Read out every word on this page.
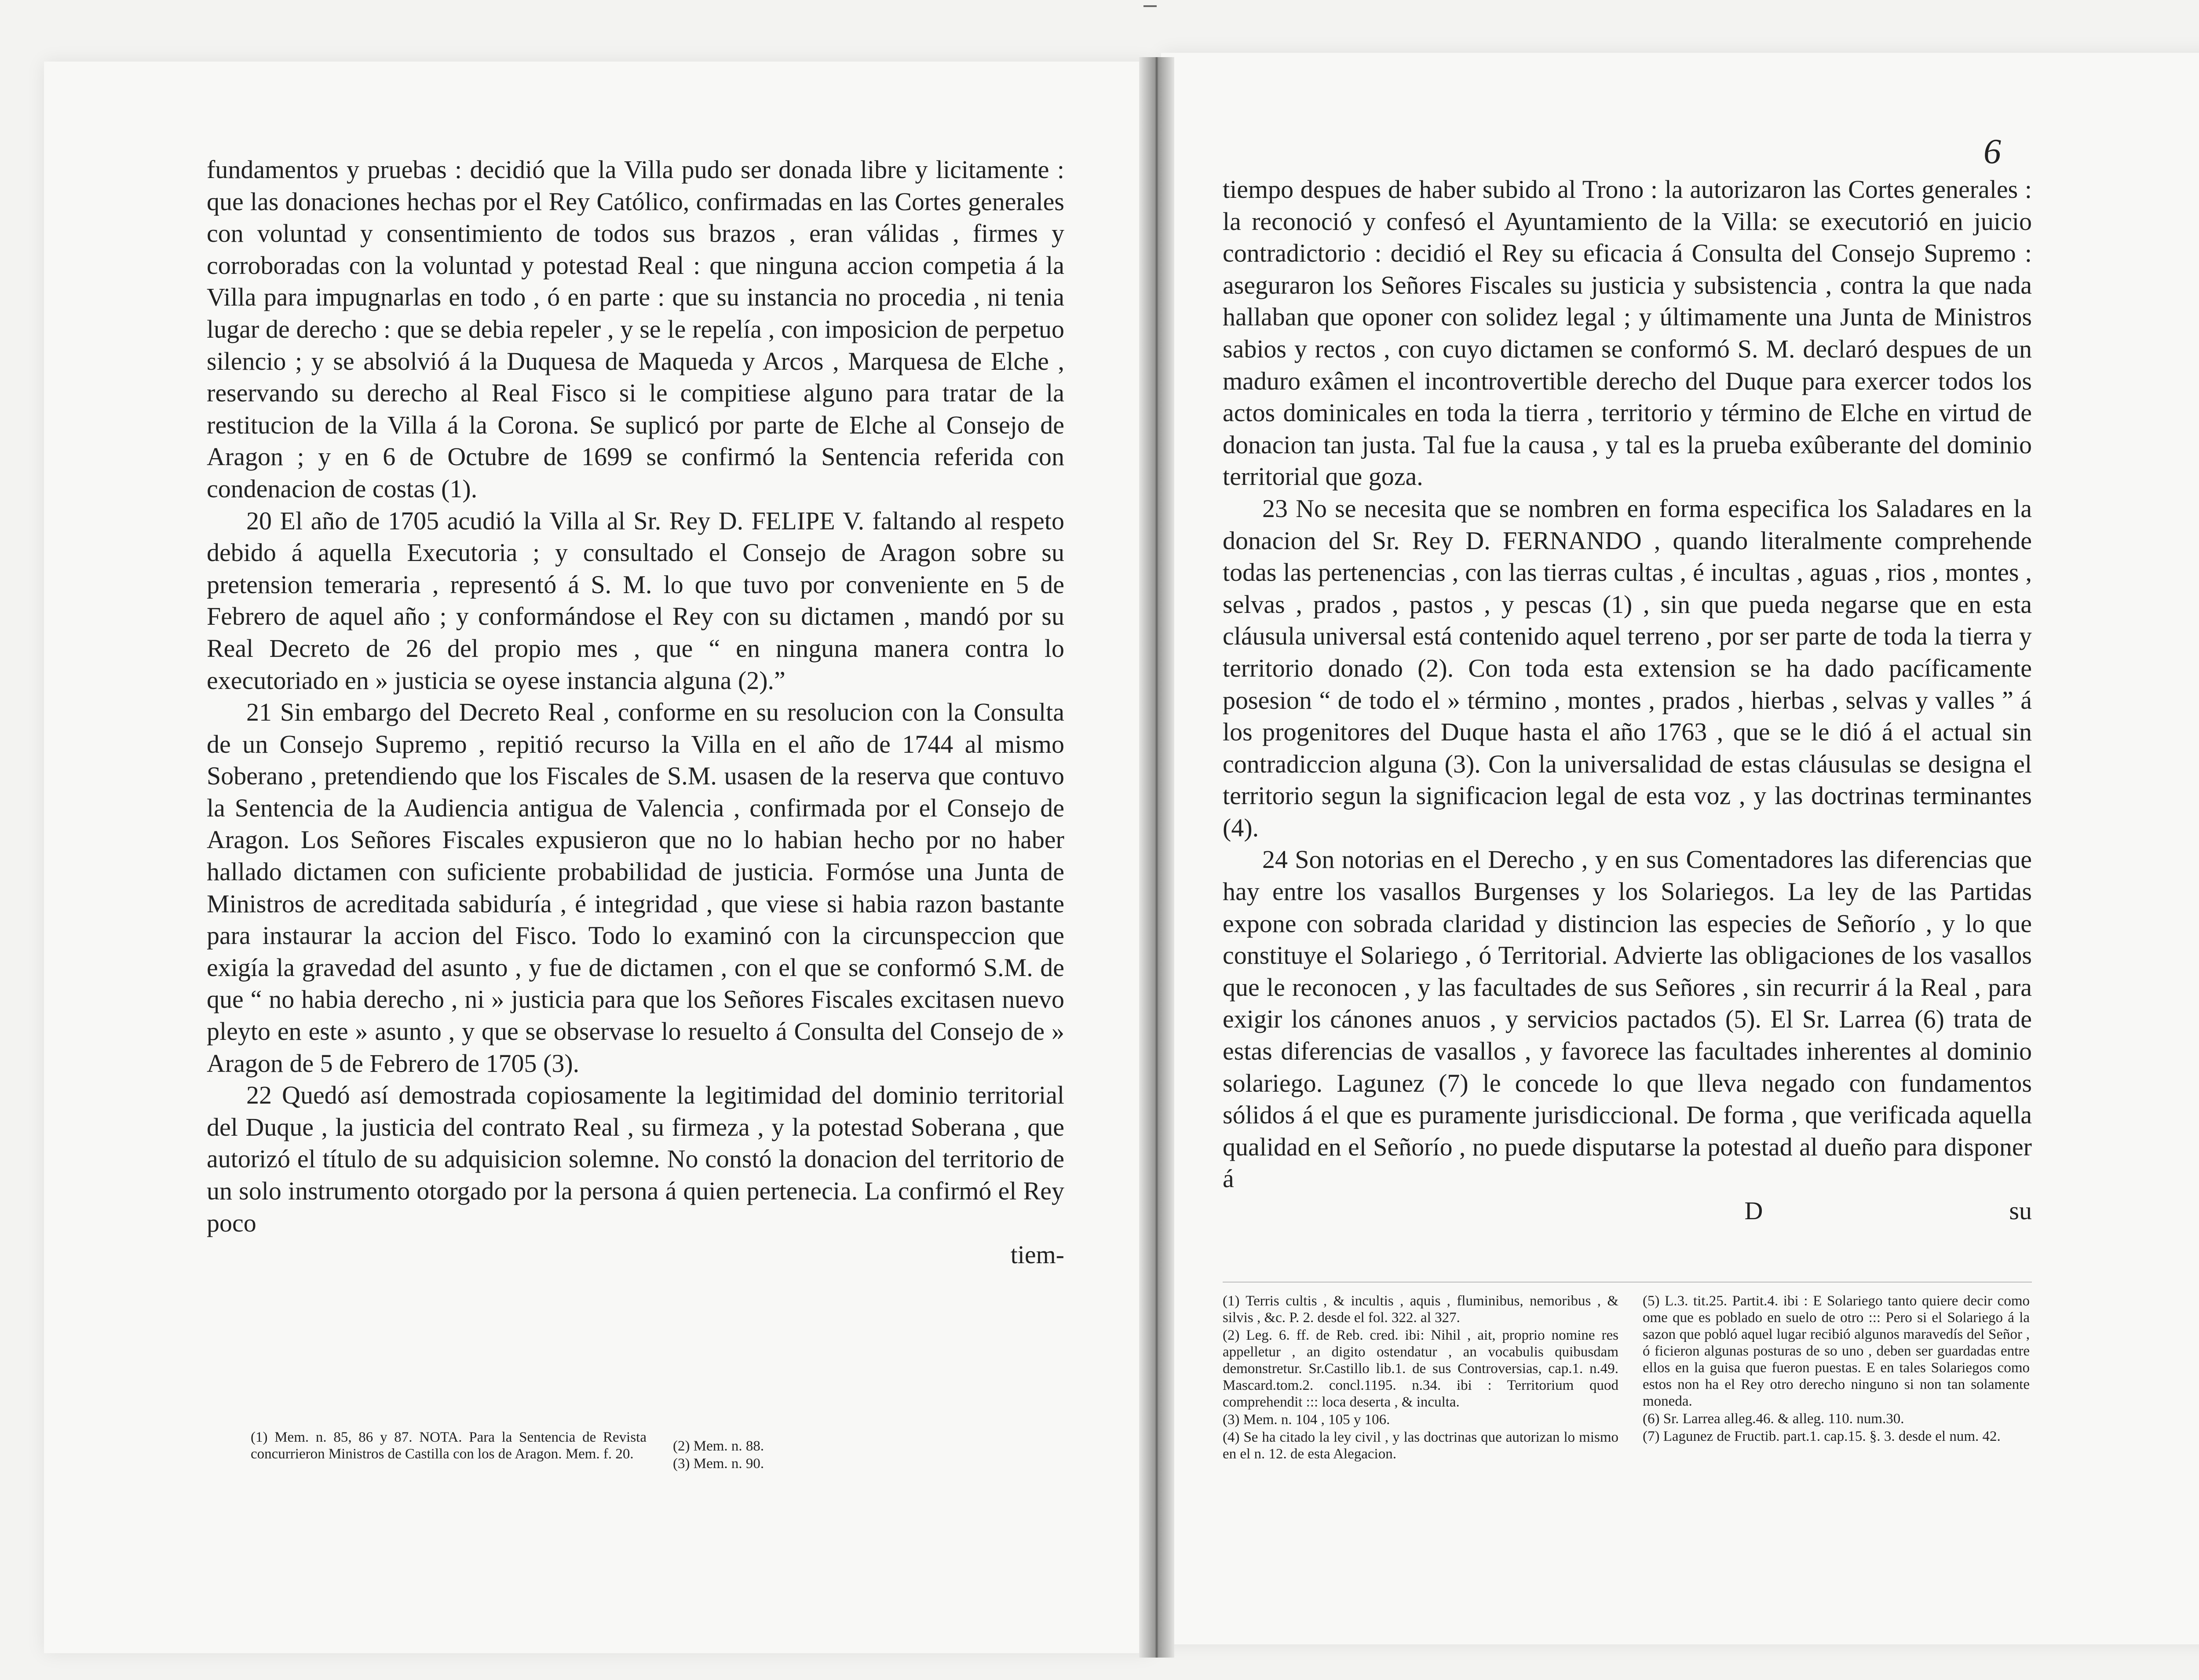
fundamentos y pruebas : decidió que la Villa pudo ser donada libre y licitamente : que las donaciones hechas por el Rey Católico, confirmadas en las Cortes generales con voluntad y consentimiento de todos sus brazos , eran válidas , firmes y corroboradas con la voluntad y potestad Real : que ninguna accion competia á la Villa para impugnarlas en todo , ó en parte : que su instancia no procedia , ni tenia lugar de derecho : que se debia repeler , y se le repelía , con imposicion de perpetuo silencio ; y se absolvió á la Duquesa de Maqueda y Arcos , Marquesa de Elche , reservando su derecho al Real Fisco si le compitiese alguno para tratar de la restitucion de la Villa á la Corona. Se suplicó por parte de Elche al Consejo de Aragon ; y en 6 de Octubre de 1699 se confirmó la Sentencia referida con condenacion de costas (1).

20 El año de 1705 acudió la Villa al Sr. Rey D. FELIPE V. faltando al respeto debido á aquella Executoria ; y consultado el Consejo de Aragon sobre su pretension temeraria , representó á S. M. lo que tuvo por conveniente en 5 de Febrero de aquel año ; y conformándose el Rey con su dictamen , mandó por su Real Decreto de 26 del propio mes , que “ en ninguna manera contra lo executoriado en » justicia se oyese instancia alguna (2).”

21 Sin embargo del Decreto Real , conforme en su resolucion con la Consulta de un Consejo Supremo , repitió recurso la Villa en el año de 1744 al mismo Soberano , pretendiendo que los Fiscales de S.M. usasen de la reserva que contuvo la Sentencia de la Audiencia antigua de Valencia , confirmada por el Consejo de Aragon. Los Señores Fiscales expusieron que no lo habian hecho por no haber hallado dictamen con suficiente probabilidad de justicia. Formóse una Junta de Ministros de acreditada sabiduría , é integridad , que viese si habia razon bastante para instaurar la accion del Fisco. Todo lo examinó con la circunspeccion que exigía la gravedad del asunto , y fue de dictamen , con el que se conformó S.M. de que “ no habia derecho , ni » justicia para que los Señores Fiscales excitasen nuevo pleyto en este » asunto , y que se observase lo resuelto á Consulta del Consejo de » Aragon de 5 de Febrero de 1705 (3).

22 Quedó así demostrada copiosamente la legitimidad del dominio territorial del Duque , la justicia del contrato Real , su firmeza , y la potestad Soberana , que autorizó el título de su adquisicion solemne. No constó la donacion del territorio de un solo instrumento otorgado por la persona á quien pertenecia. La confirmó el Rey poco

tiem-

(1) Mem. n. 85, 86 y 87. NOTA. Para la Sentencia de Revista concurrieron Ministros de Castilla con los de Aragon. Mem. f. 20.	(2) Mem. n. 88.

(3) Mem. n. 90.

6

tiempo despues de haber subido al Trono : la autorizaron las Cortes generales : la reconoció y confesó el Ayuntamiento de la Villa: se executorió en juicio contradictorio : decidió el Rey su eficacia á Consulta del Consejo Supremo : aseguraron los Señores Fiscales su justicia y subsistencia , contra la que nada hallaban que oponer con solidez legal ; y últimamente una Junta de Ministros sabios y rectos , con cuyo dictamen se conformó S. M. declaró despues de un maduro exâmen el incontrovertible derecho del Duque para exercer todos los actos dominicales en toda la tierra , territorio y término de Elche en virtud de donacion tan justa. Tal fue la causa , y tal es la prueba exûberante del dominio territorial que goza.

23 No se necesita que se nombren en forma especifica los Saladares en la donacion del Sr. Rey D. FERNANDO , quando literalmente comprehende todas las pertenencias , con las tierras cultas , é incultas , aguas , rios , montes , selvas , prados , pastos , y pescas (1) , sin que pueda negarse que en esta cláusula universal está contenido aquel terreno , por ser parte de toda la tierra y territorio donado (2). Con toda esta extension se ha dado pacíficamente posesion “ de todo el » término , montes , prados , hierbas , selvas y valles ” á los progenitores del Duque hasta el año 1763 , que se le dió á el actual sin contradiccion alguna (3). Con la universalidad de estas cláusulas se designa el territorio segun la significacion legal de esta voz , y las doctrinas terminantes (4).

24 Son notorias en el Derecho , y en sus Comentadores las diferencias que hay entre los vasallos Burgenses y los Solariegos. La ley de las Partidas expone con sobrada claridad y distincion las especies de Señorío , y lo que constituye el Solariego , ó Territorial. Advierte las obligaciones de los vasallos que le reconocen , y las facultades de sus Señores , sin recurrir á la Real , para exigir los cánones anuos , y servicios pactados (5). El Sr. Larrea (6) trata de estas diferencias de vasallos , y favorece las facultades inherentes al dominio solariego. Lagunez (7) le concede lo que lleva negado con fundamentos sólidos á el que es puramente jurisdiccional. De forma , que verificada aquella qualidad en el Señorío , no puede disputarse la potestad al dueño para disponer á

D	su

(1) Terris cultis , & incultis , aquis , fluminibus, nemoribus , & silvis , &c. P. 2. desde el fol. 322. al 327.

(2) Leg. 6. ff. de Reb. cred. ibi: Nihil , ait, proprio nomine res appelletur , an digito ostendatur , an vocabulis quibusdam demonstretur. Sr.Castillo lib.1. de sus Controversias, cap.1. n.49. Mascard.tom.2. concl.1195. n.34. ibi : Territorium quod comprehendit ::: loca deserta , & inculta.

(3) Mem. n. 104 , 105 y 106.

(4) Se ha citado la ley civil , y las doctrinas que autorizan lo mismo en el n. 12. de esta Alegacion.

(5) L.3. tit.25. Partit.4. ibi : E Solariego tanto quiere decir como ome que es poblado en suelo de otro ::: Pero si el Solariego á la sazon que pobló aquel lugar recibió algunos maravedís del Señor , ó ficieron algunas posturas de so uno , deben ser guardadas entre ellos en la guisa que fueron puestas. E en tales Solariegos como estos non ha el Rey otro derecho ninguno si non tan solamente moneda.

(6) Sr. Larrea alleg.46. & alleg. 110. num.30.

(7) Lagunez de Fructib. part.1. cap.15. §. 3. desde el num. 42.
